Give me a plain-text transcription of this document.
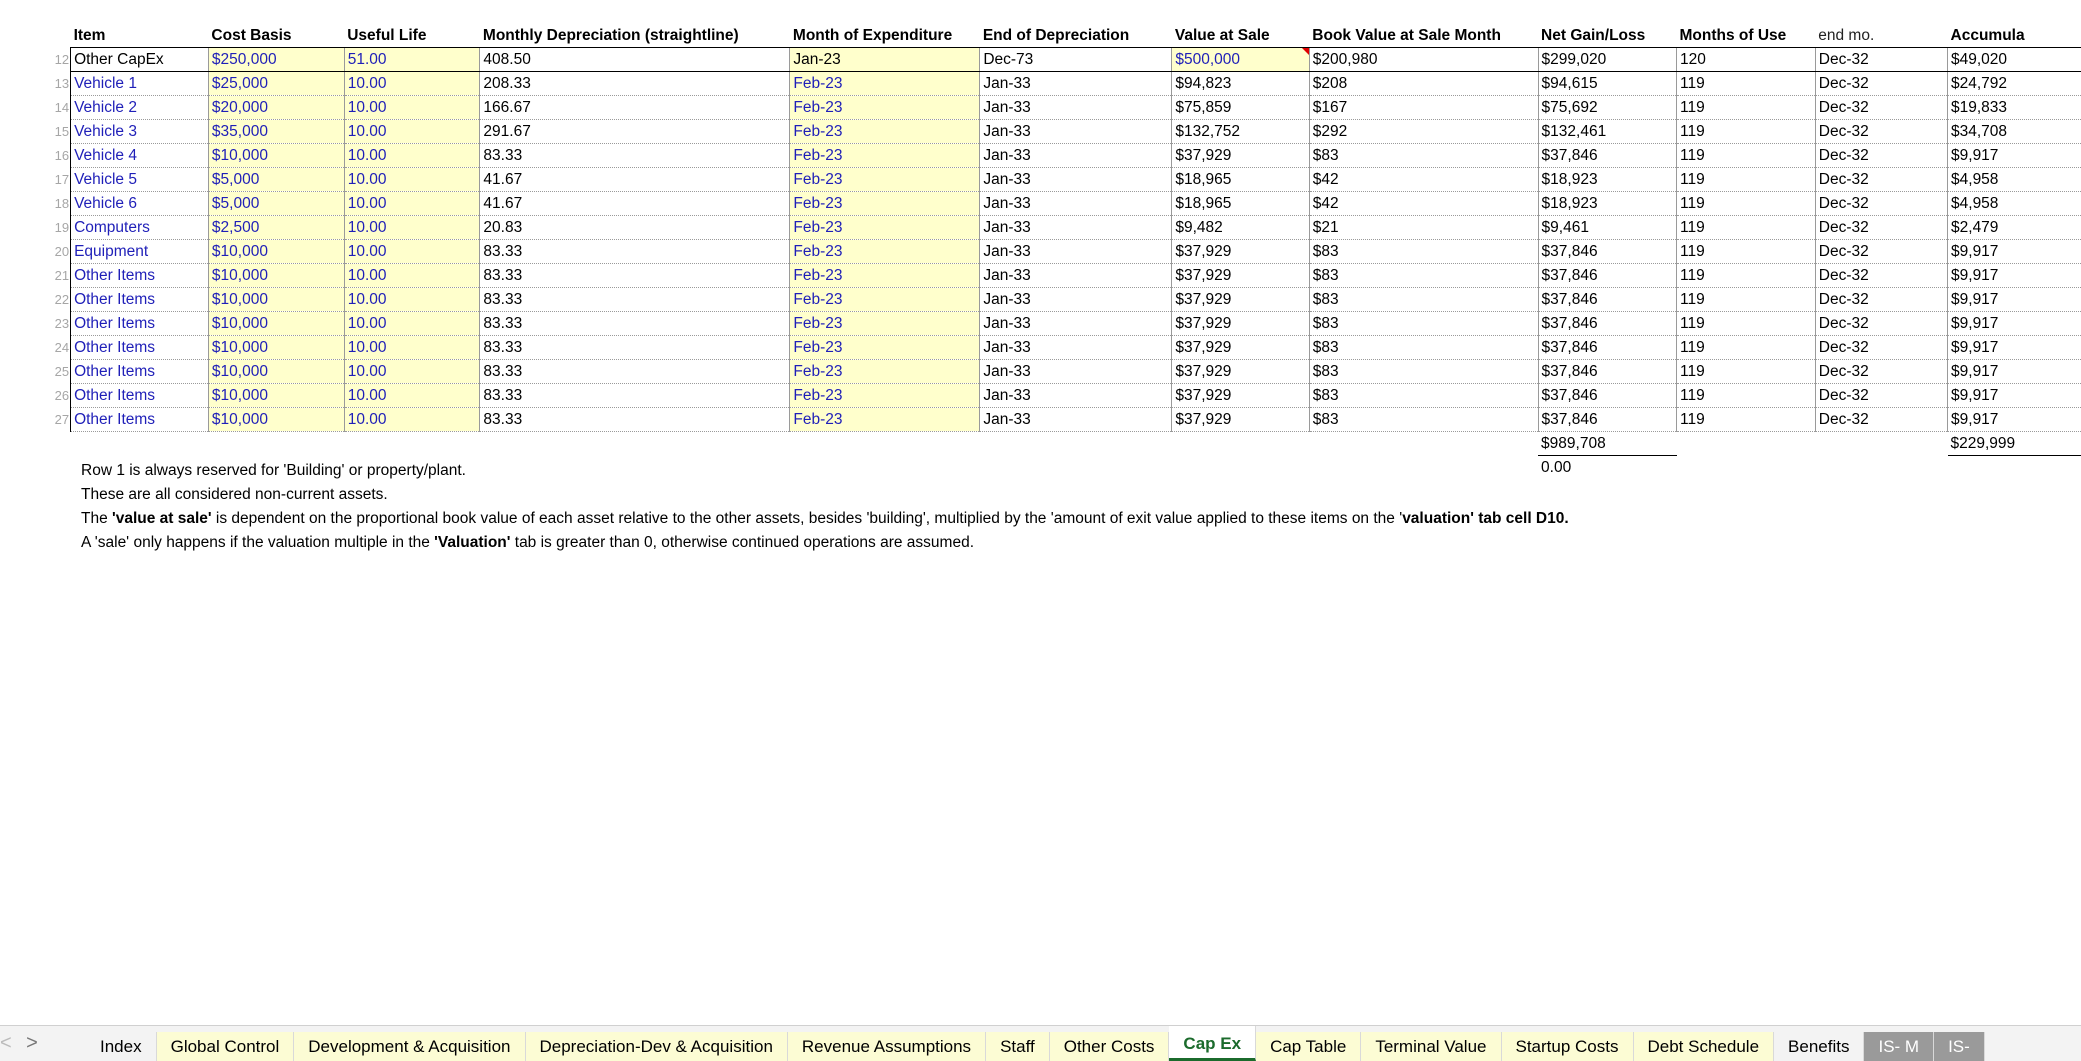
	Item	Cost Basis	Useful Life	Monthly Depreciation (straightline)	Month of Expenditure	End of Depreciation	Value at Sale	Book Value at Sale Month	Net Gain/Loss	Months of Use	end mo.	Accumula
12	Other CapEx	$250,000	51.00	408.50	Jan-23	Dec-73	$500,000	$200,980	$299,020	120	Dec-32	$49,020
13	Vehicle 1	$25,000	10.00	208.33	Feb-23	Jan-33	$94,823	$208	$94,615	119	Dec-32	$24,792
14	Vehicle 2	$20,000	10.00	166.67	Feb-23	Jan-33	$75,859	$167	$75,692	119	Dec-32	$19,833
15	Vehicle 3	$35,000	10.00	291.67	Feb-23	Jan-33	$132,752	$292	$132,461	119	Dec-32	$34,708
16	Vehicle 4	$10,000	10.00	83.33	Feb-23	Jan-33	$37,929	$83	$37,846	119	Dec-32	$9,917
17	Vehicle 5	$5,000	10.00	41.67	Feb-23	Jan-33	$18,965	$42	$18,923	119	Dec-32	$4,958
18	Vehicle 6	$5,000	10.00	41.67	Feb-23	Jan-33	$18,965	$42	$18,923	119	Dec-32	$4,958
19	Computers	$2,500	10.00	20.83	Feb-23	Jan-33	$9,482	$21	$9,461	119	Dec-32	$2,479
20	Equipment	$10,000	10.00	83.33	Feb-23	Jan-33	$37,929	$83	$37,846	119	Dec-32	$9,917
21	Other Items	$10,000	10.00	83.33	Feb-23	Jan-33	$37,929	$83	$37,846	119	Dec-32	$9,917
22	Other Items	$10,000	10.00	83.33	Feb-23	Jan-33	$37,929	$83	$37,846	119	Dec-32	$9,917
23	Other Items	$10,000	10.00	83.33	Feb-23	Jan-33	$37,929	$83	$37,846	119	Dec-32	$9,917
24	Other Items	$10,000	10.00	83.33	Feb-23	Jan-33	$37,929	$83	$37,846	119	Dec-32	$9,917
25	Other Items	$10,000	10.00	83.33	Feb-23	Jan-33	$37,929	$83	$37,846	119	Dec-32	$9,917
26	Other Items	$10,000	10.00	83.33	Feb-23	Jan-33	$37,929	$83	$37,846	119	Dec-32	$9,917
27	Other Items	$10,000	10.00	83.33	Feb-23	Jan-33	$37,929	$83	$37,846	119	Dec-32	$9,917
									$989,708			$229,999
									0.00			
Row 1 is always reserved for 'Building' or property/plant.
These are all considered non-current assets.
The 'value at sale' is dependent on the proportional book value of each asset relative to the other assets, besides 'building', multiplied by the 'amount of exit value applied to these items on the 'valuation' tab cell D10.
A 'sale' only happens if the valuation multiple in the 'Valuation' tab is greater than 0, otherwise continued operations are assumed.
< >	Index	Global Control	Development & Acquisition	Depreciation-Dev & Acquisition	Revenue Assumptions	Staff	Other Costs	Cap Ex	Cap Table	Terminal Value	Startup Costs	Debt Schedule	Benefits	IS- M	IS-
